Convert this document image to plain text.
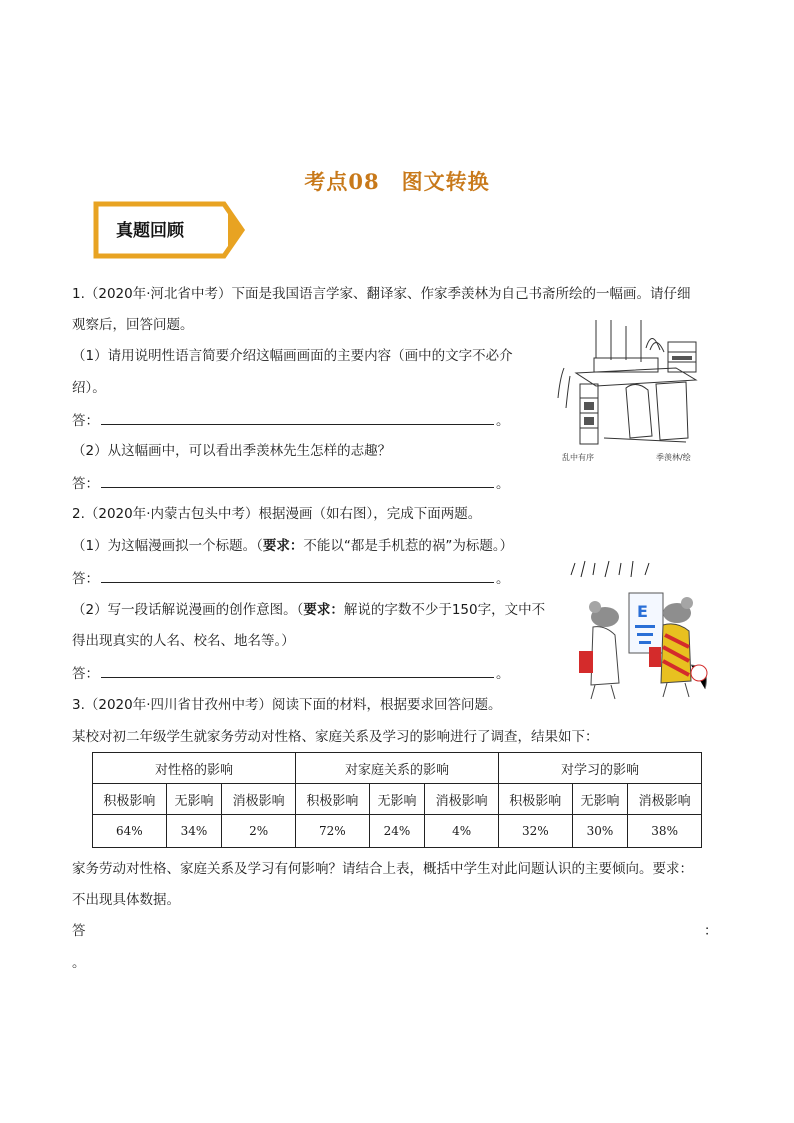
考点08　图文转换
真题回顾
1.（2020年·河北省中考）下面是我国语言学家、翻译家、作家季羡林为自己书斋所绘的一幅画。请仔细
观察后，回答问题。
（1）请用说明性语言简要介绍这幅画画面的主要内容（画中的文字不必介
绍）。
答：	。
（2）从这幅画中，可以看出季羡林先生怎样的志趣？
答：	。
乱中有序	季羡林/绘
2.（2020年·内蒙古包头中考）根据漫画（如右图），完成下面两题。
（1）为这幅漫画拟一个标题。（要求：不能以“都是手机惹的祸”为标题。）
答：	。
（2）写一段话解说漫画的创作意图。（要求：解说的字数不少于150字，文中不
得出现真实的人名、校名、地名等。）
答：	。
E
3.（2020年·四川省甘孜州中考）阅读下面的材料，根据要求回答问题。
某校对初二年级学生就家务劳动对性格、家庭关系及学习的影响进行了调查，结果如下：
对性格的影响			对家庭关系的影响			对学习的影响		
积极影响	无影响	消极影响	积极影响	无影响	消极影响	积极影响	无影响	消极影响
64%	34%	2%	72%	24%	4%	32%	30%	38%
家务劳动对性格、家庭关系及学习有何影响？请结合上表，概括中学生对此问题认识的主要倾向。要求：
不出现具体数据。
答	：
。
